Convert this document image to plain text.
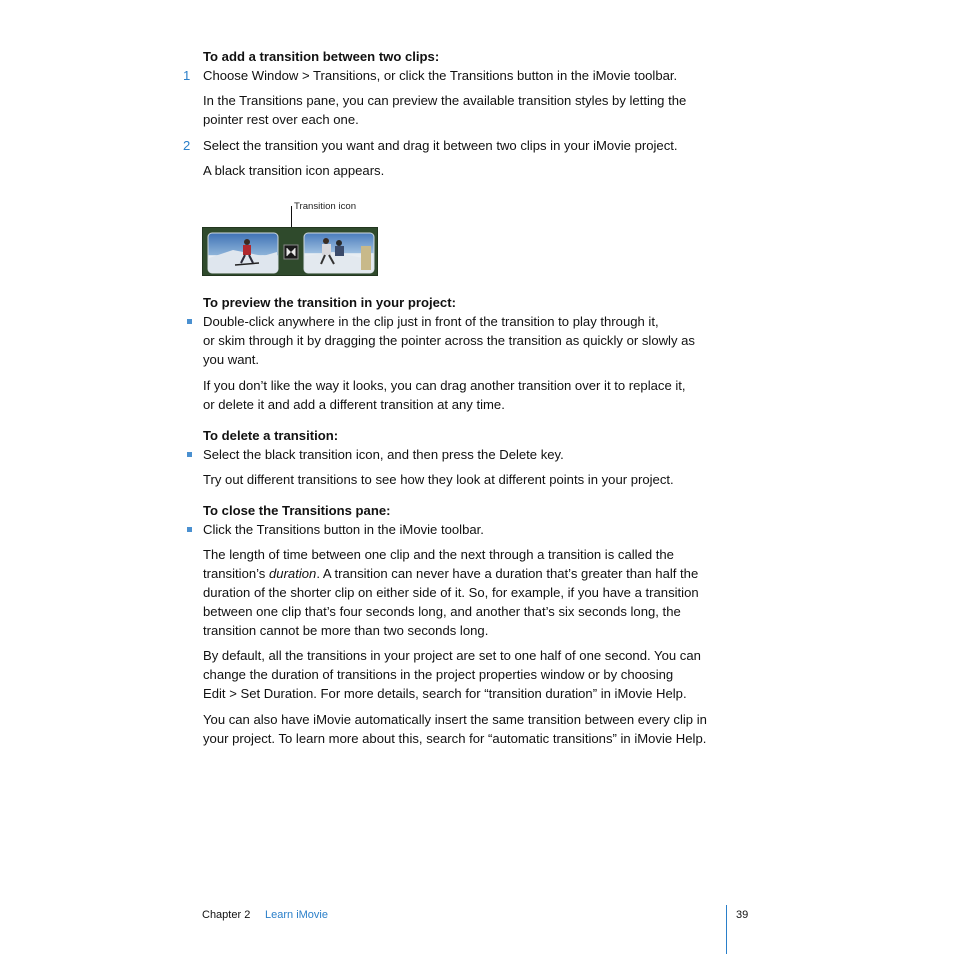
To add a transition between two clips:
1 Choose Window > Transitions, or click the Transitions button in the iMovie toolbar.
In the Transitions pane, you can preview the available transition styles by letting the
pointer rest over each one.
2 Select the transition you want and drag it between two clips in your iMovie project.
A black transition icon appears.
Transition icon
To preview the transition in your project:
Double-click anywhere in the clip just in front of the transition to play through it,
or skim through it by dragging the pointer across the transition as quickly or slowly as
you want.
If you don’t like the way it looks, you can drag another transition over it to replace it,
or delete it and add a different transition at any time.
To delete a transition:
Select the black transition icon, and then press the Delete key.
Try out different transitions to see how they look at different points in your project.
To close the Transitions pane:
Click the Transitions button in the iMovie toolbar.
The length of time between one clip and the next through a transition is called the
transition’s duration. A transition can never have a duration that’s greater than half the
duration of the shorter clip on either side of it. So, for example, if you have a transition
between one clip that’s four seconds long, and another that’s six seconds long, the
transition cannot be more than two seconds long.
By default, all the transitions in your project are set to one half of one second. You can
change the duration of transitions in the project properties window or by choosing
Edit > Set Duration. For more details, search for “transition duration” in iMovie Help.
You can also have iMovie automatically insert the same transition between every clip in
your project. To learn more about this, search for “automatic transitions” in iMovie Help.
Chapter 2 Learn iMovie	39
